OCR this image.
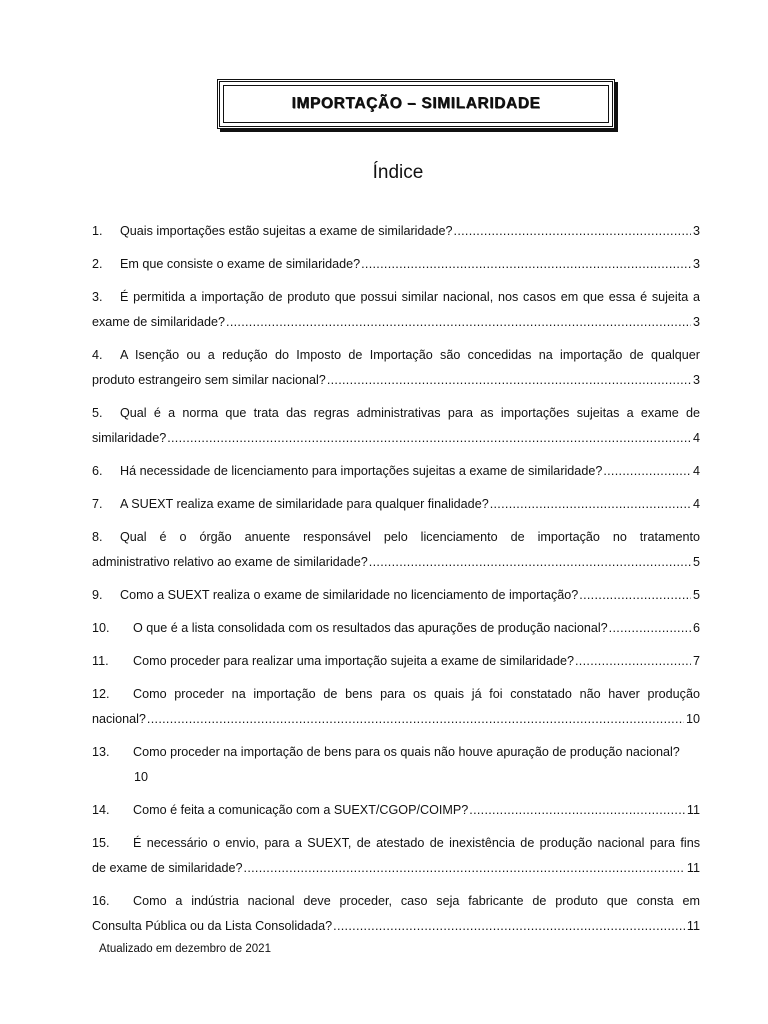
IMPORTAÇÃO – SIMILARIDADE
Índice
1.	Quais importações estão sujeitas a exame de similaridade? .....	3
2.	Em que consiste o exame de similaridade? .....	3
3. É permitida a importação de produto que possui similar nacional, nos casos em que essa é sujeita a
exame de similaridade? .....	3
4. A Isenção ou a redução do Imposto de Importação são concedidas na importação de qualquer
produto estrangeiro sem similar nacional? .....	3
5. Qual é a norma que trata das regras administrativas para as importações sujeitas a exame de
similaridade? .....	4
6.	Há necessidade de licenciamento para importações sujeitas a exame de similaridade? .....	4
7.	A SUEXT realiza exame de similaridade para qualquer finalidade? .....	4
8. Qual é o órgão anuente responsável pelo licenciamento de importação no tratamento
administrativo relativo ao exame de similaridade? .....	5
9.	Como a SUEXT realiza o exame de similaridade no licenciamento de importação? .....	5
10.	O que é a lista consolidada com os resultados das apurações de produção nacional? .....	6
11.	Como proceder para realizar uma importação sujeita a exame de similaridade? .....	7
12. Como proceder na importação de bens para os quais já foi constatado não haver produção
nacional? .....	10
13.	Como proceder na importação de bens para os quais não houve apuração de produção nacional?
10
14.	Como é feita a comunicação com a SUEXT/CGOP/COIMP? .....	11
15. É necessário o envio, para a SUEXT, de atestado de inexistência de produção nacional para fins
de exame de similaridade? .....	11
16. Como a indústria nacional deve proceder, caso seja fabricante de produto que consta em
Consulta Pública ou da Lista Consolidada? .....	11
Atualizado em dezembro de 2021
